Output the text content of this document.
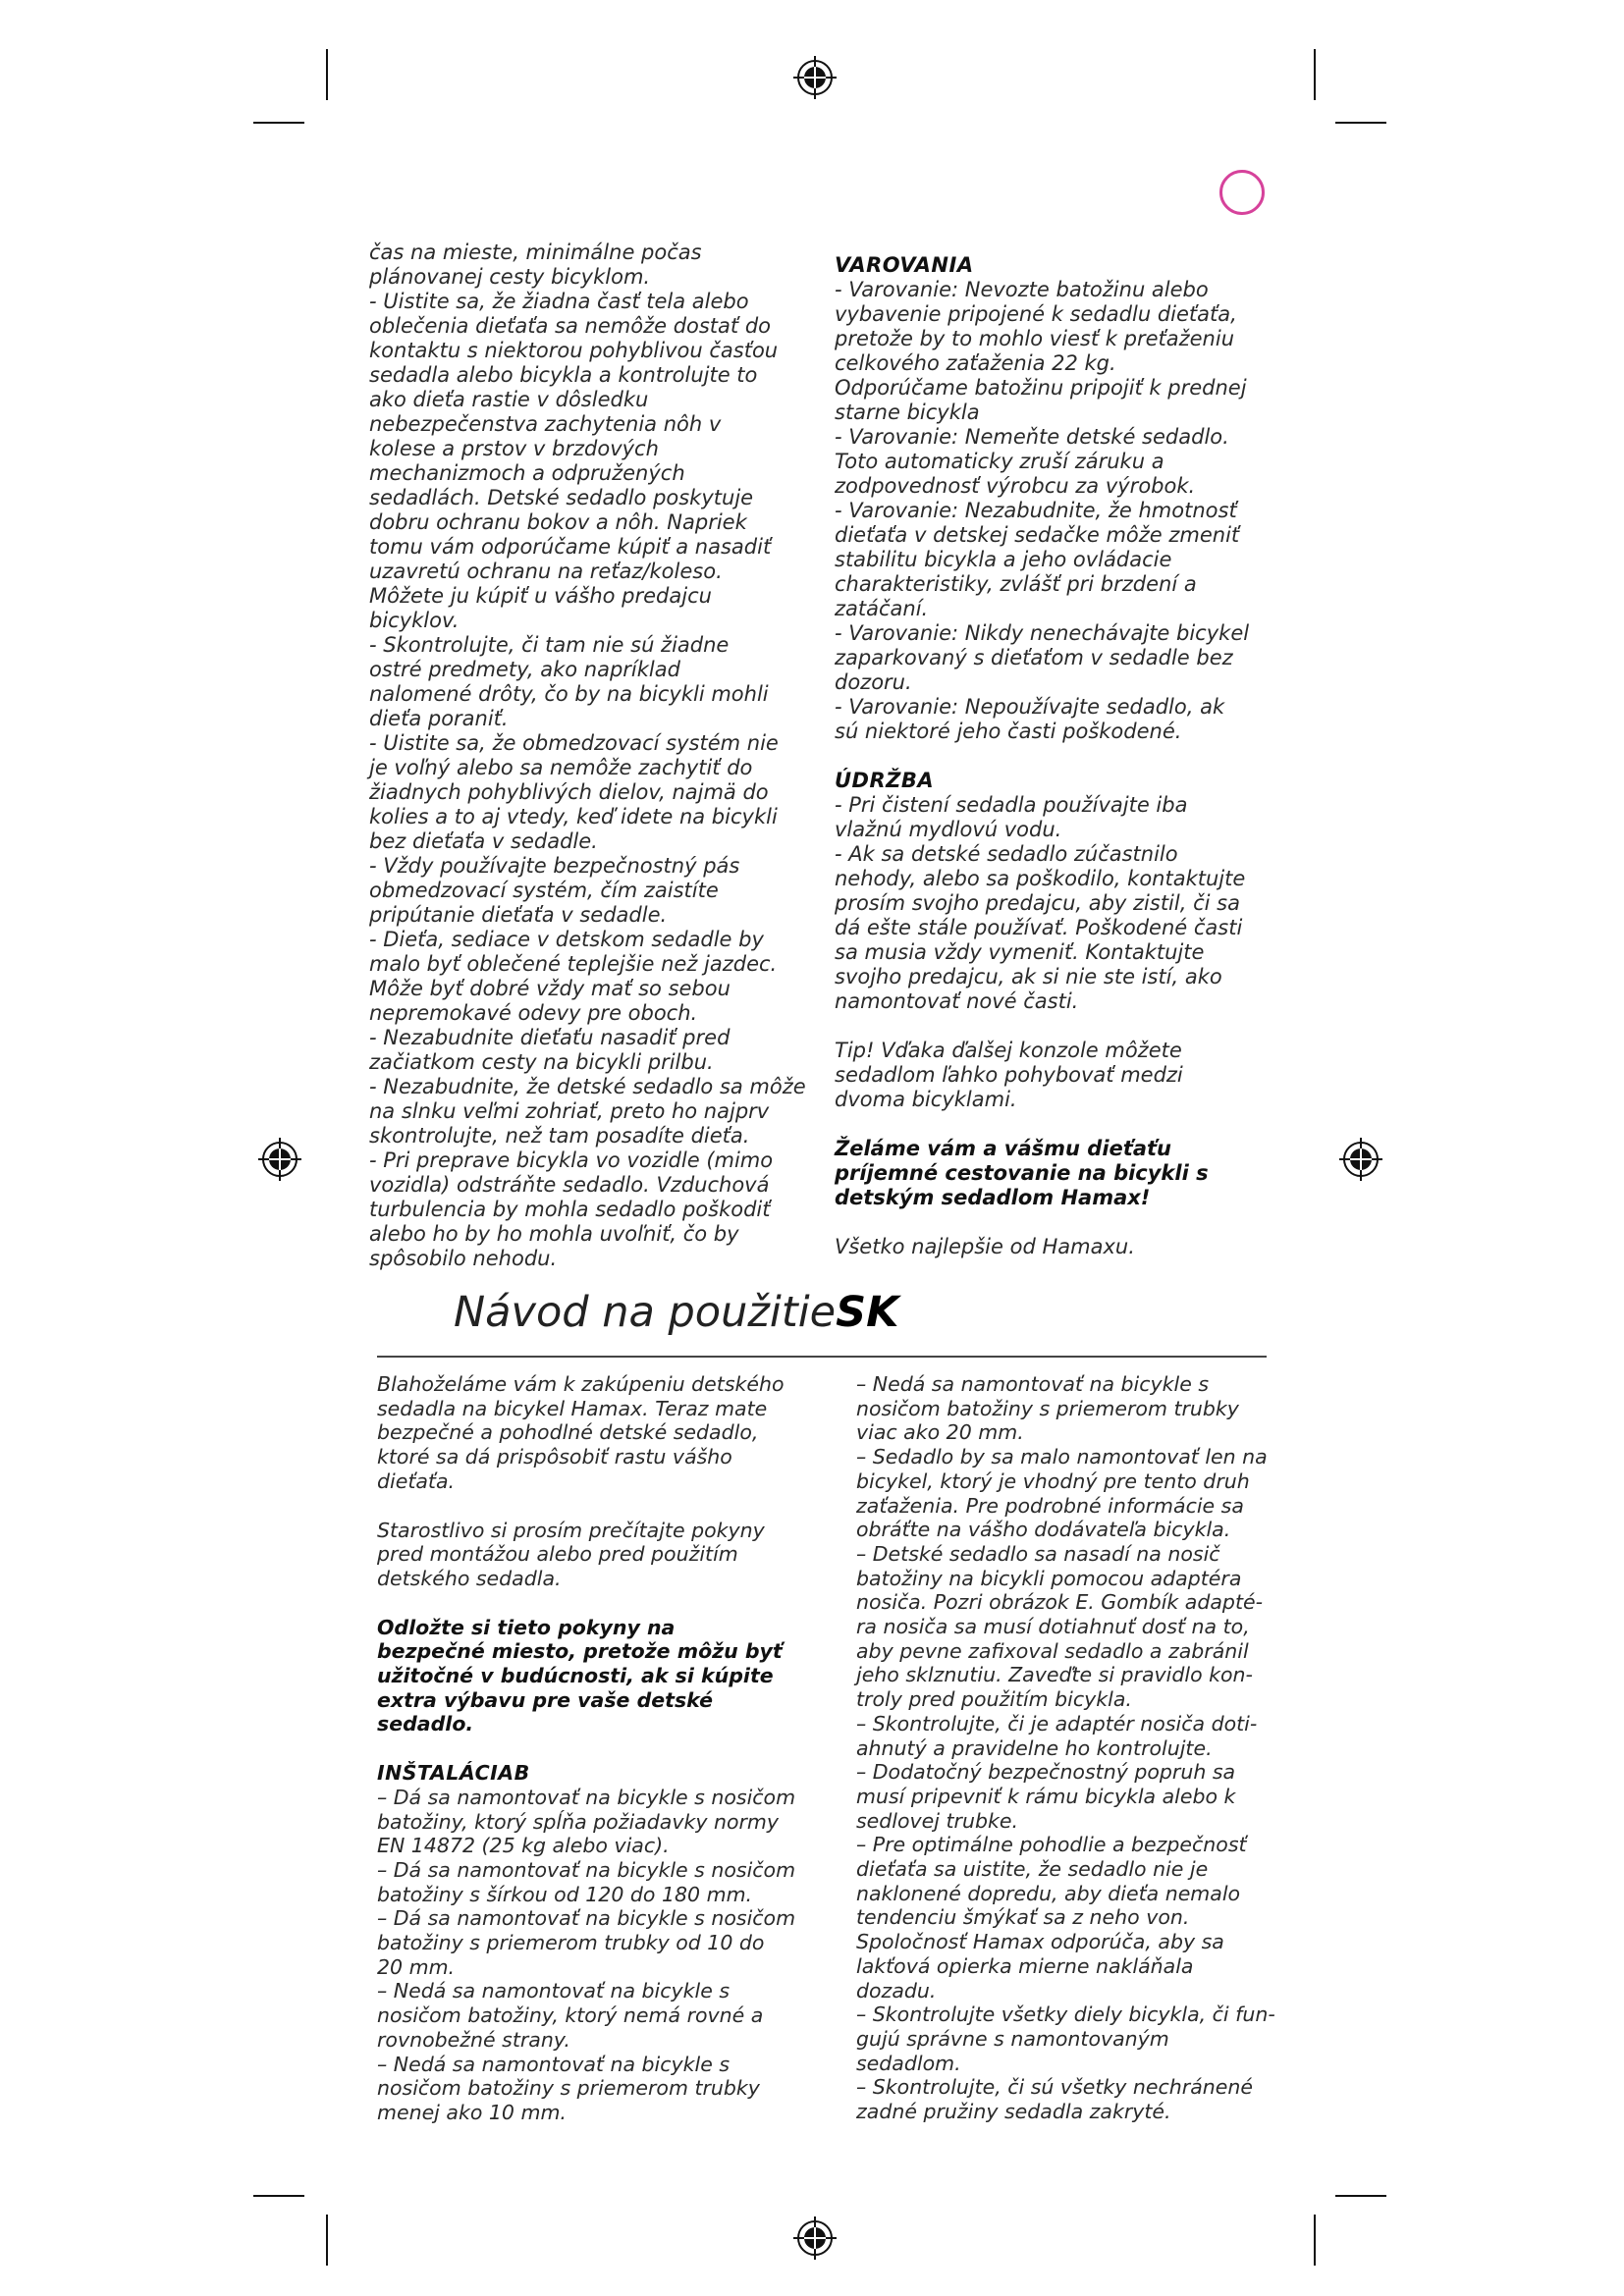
čas na mieste, minimálne počas
plánovanej cesty bicyklom.

- Uistite sa, že žiadna časť tela alebo
oblečenia dieťaťa sa nemôže dostať do
kontaktu s niektorou pohyblivou časťou
sedadla alebo bicykla a kontrolujte to
ako dieťa rastie v dôsledku
nebezpečenstva zachytenia nôh v
kolese a prstov v brzdových
mechanizmoch a odpružených
sedadlách. Detské sedadlo poskytuje
dobru ochranu bokov a nôh. Napriek
tomu vám odporúčame kúpiť a nasadiť
uzavretú ochranu na reťaz/koleso.
Môžete ju kúpiť u vášho predajcu
bicyklov.

- Skontrolujte, či tam nie sú žiadne
ostré predmety, ako napríklad
nalomené drôty, čo by na bicykli mohli
dieťa poraniť.

- Uistite sa, že obmedzovací systém nie
je voľný alebo sa nemôže zachytiť do
žiadnych pohyblivých dielov, najmä do
kolies a to aj vtedy, keď idete na bicykli
bez dieťaťa v sedadle.

- Vždy používajte bezpečnostný pás
obmedzovací systém, čím zaistíte
pripútanie dieťaťa v sedadle.

- Dieťa, sediace v detskom sedadle by
malo byť oblečené teplejšie než jazdec.
Môže byť dobré vždy mať so sebou
nepremokavé odevy pre oboch.

- Nezabudnite dieťaťu nasadiť pred
začiatkom cesty na bicykli prilbu.

- Nezabudnite, že detské sedadlo sa môže
na slnku veľmi zohriať, preto ho najprv
skontrolujte, než tam posadíte dieťa.

- Pri preprave bicykla vo vozidle (mimo
vozidla) odstráňte sedadlo. Vzduchová
turbulencia by mohla sedadlo poškodiť
alebo ho by ho mohla uvoľniť, čo by
spôsobilo nehodu.

VAROVANIA

- Varovanie: Nevozte batožinu alebo
vybavenie pripojené k sedadlu dieťaťa,
pretože by to mohlo viesť k preťaženiu
celkového zaťaženia 22 kg.
Odporúčame batožinu pripojiť k prednej
starne bicykla

- Varovanie: Nemeňte detské sedadlo.
Toto automaticky zruší záruku a
zodpovednosť výrobcu za výrobok.

- Varovanie: Nezabudnite, že hmotnosť
dieťaťa v detskej sedačke môže zmeniť
stabilitu bicykla a jeho ovládacie
charakteristiky, zvlášť pri brzdení a
zatáčaní.

- Varovanie: Nikdy nenechávajte bicykel
zaparkovaný s dieťaťom v sedadle bez
dozoru.

- Varovanie: Nepoužívajte sedadlo, ak
sú niektoré jeho časti poškodené.

ÚDRŽBA

- Pri čistení sedadla používajte iba
vlažnú mydlovú vodu.

- Ak sa detské sedadlo zúčastnilo
nehody, alebo sa poškodilo, kontaktujte
prosím svojho predajcu, aby zistil, či sa
dá ešte stále používať. Poškodené časti
sa musia vždy vymeniť. Kontaktujte
svojho predajcu, ak si nie ste istí, ako
namontovať nové časti.

Tip! Vďaka ďalšej konzole môžete
sedadlom ľahko pohybovať medzi
dvoma bicyklami.

Želáme vám a vášmu dieťaťu
príjemné cestovanie na bicykli s
detským sedadlom Hamax!

Všetko najlepšie od Hamaxu.

Návod na použitieSK

Blahoželáme vám k zakúpeniu detského
sedadla na bicykel Hamax. Teraz mate
bezpečné a pohodlné detské sedadlo,
ktoré sa dá prispôsobiť rastu vášho
dieťaťa.

Starostlivo si prosím prečítajte pokyny
pred montážou alebo pred použitím
detského sedadla.

Odložte si tieto pokyny na
bezpečné miesto, pretože môžu byť
užitočné v budúcnosti, ak si kúpite
extra výbavu pre vaše detské
sedadlo.

INŠTALÁCIAB

– Dá sa namontovať na bicykle s nosičom
batožiny, ktorý spĺňa požiadavky normy
EN 14872 (25 kg alebo viac).

– Dá sa namontovať na bicykle s nosičom
batožiny s šírkou od 120 do 180 mm.

– Dá sa namontovať na bicykle s nosičom
batožiny s priemerom trubky od 10 do
20 mm.

– Nedá sa namontovať na bicykle s
nosičom batožiny, ktorý nemá rovné a
rovnobežné strany.

– Nedá sa namontovať na bicykle s
nosičom batožiny s priemerom trubky
menej ako 10 mm.

– Nedá sa namontovať na bicykle s
nosičom batožiny s priemerom trubky
viac ako 20 mm.

– Sedadlo by sa malo namontovať len na
bicykel, ktorý je vhodný pre tento druh
zaťaženia. Pre podrobné informácie sa
obráťte na vášho dodávateľa bicykla.

– Detské sedadlo sa nasadí na nosič
batožiny na bicykli pomocou adaptéra
nosiča. Pozri obrázok E. Gombík adapté-
ra nosiča sa musí dotiahnuť dosť na to,
aby pevne zafixoval sedadlo a zabránil
jeho sklznutiu. Zaveďte si pravidlo kon-
troly pred použitím bicykla.

– Skontrolujte, či je adaptér nosiča doti-
ahnutý a pravidelne ho kontrolujte.

– Dodatočný bezpečnostný popruh sa
musí pripevniť k rámu bicykla alebo k
sedlovej trubke.

– Pre optimálne pohodlie a bezpečnosť
dieťaťa sa uistite, že sedadlo nie je
naklonené dopredu, aby dieťa nemalo
tendenciu šmýkať sa z neho von.
Spoločnosť Hamax odporúča, aby sa
lakťová opierka mierne nakláňala
dozadu.

– Skontrolujte všetky diely bicykla, či fun-
gujú správne s namontovaným
sedadlom.

– Skontrolujte, či sú všetky nechránené
zadné pružiny sedadla zakryté.
